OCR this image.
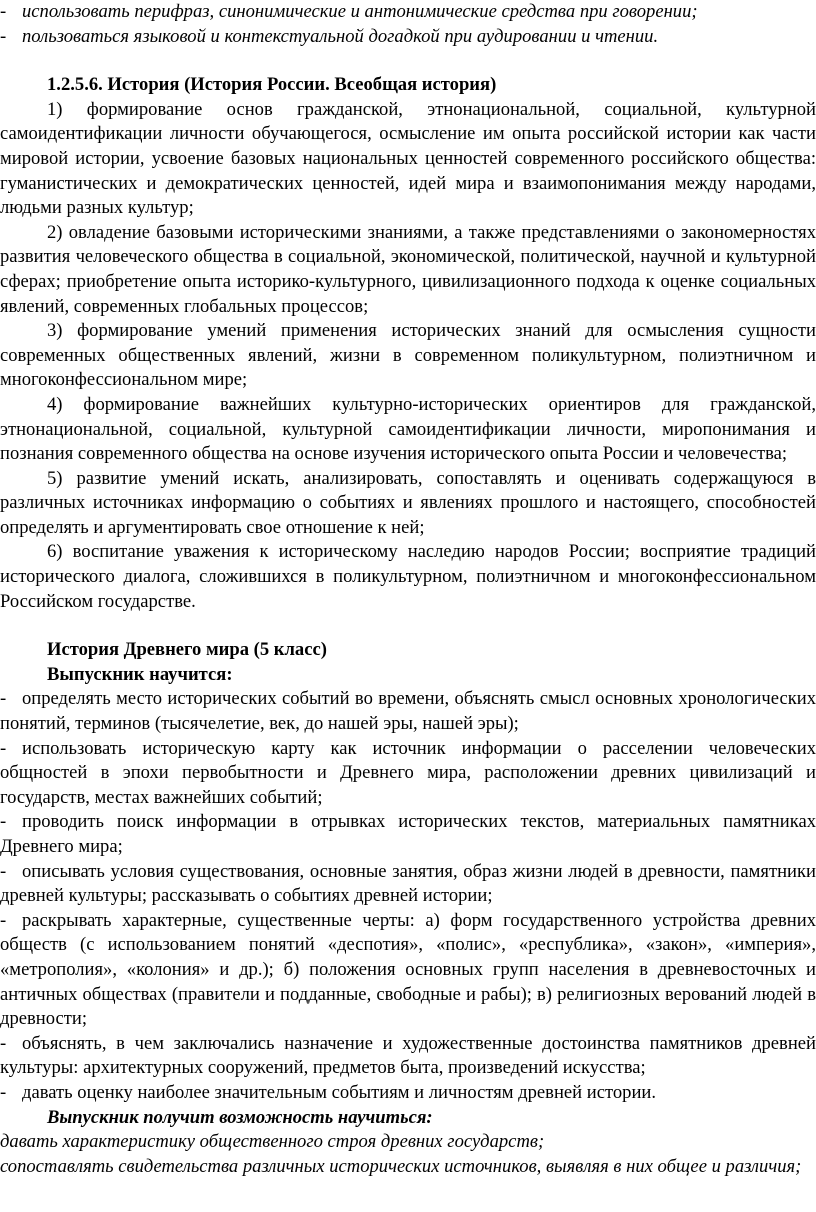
- использовать перифраз, синонимические и антонимические средства при говорении;

- пользоваться языковой и контекстуальной догадкой при аудировании и чтении.

1.2.5.6. История (История России. Всеобщая история)

1) формирование основ гражданской, этнонациональной, социальной, культурной самоидентификации личности обучающегося, осмысление им опыта российской истории как части мировой истории, усвоение базовых национальных ценностей современного российского общества: гуманистических и демократических ценностей, идей мира и взаимопонимания между народами, людьми разных культур;

2) овладение базовыми историческими знаниями, а также представлениями о закономерностях развития человеческого общества в социальной, экономической, политической, научной и культурной сферах; приобретение опыта историко-культурного, цивилизационного подхода к оценке социальных явлений, современных глобальных процессов;

3) формирование умений применения исторических знаний для осмысления сущности современных общественных явлений, жизни в современном поликультурном, полиэтничном и многоконфессиональном мире;

4) формирование важнейших культурно-исторических ориентиров для гражданской, этнонациональной, социальной, культурной самоидентификации личности, миропонимания и познания современного общества на основе изучения исторического опыта России и человечества;

5) развитие умений искать, анализировать, сопоставлять и оценивать содержащуюся в различных источниках информацию о событиях и явлениях прошлого и настоящего, способностей определять и аргументировать свое отношение к ней;

6) воспитание уважения к историческому наследию народов России; восприятие традиций исторического диалога, сложившихся в поликультурном, полиэтничном и многоконфессиональном Российском государстве.

История Древнего мира (5 класс)

Выпускник научится:

- определять место исторических событий во времени, объяснять смысл основных хронологических понятий, терминов (тысячелетие, век, до нашей эры, нашей эры);

- использовать историческую карту как источник информации о расселении человеческих общностей в эпохи первобытности и Древнего мира, расположении древних цивилизаций и государств, местах важнейших событий;

- проводить поиск информации в отрывках исторических текстов, материальных памятниках Древнего мира;

- описывать условия существования, основные занятия, образ жизни людей в древности, памятники древней культуры; рассказывать о событиях древней истории;

- раскрывать характерные, существенные черты: а) форм государственного устройства древних обществ (с использованием понятий «деспотия», «полис», «республика», «закон», «империя», «метрополия», «колония» и др.); б) положения основных групп населения в древневосточных и античных обществах (правители и подданные, свободные и рабы); в) религиозных верований людей в древности;

- объяснять, в чем заключались назначение и художественные достоинства памятников древней культуры: архитектурных сооружений, предметов быта, произведений искусства;

- давать оценку наиболее значительным событиям и личностям древней истории.

Выпускник получит возможность научиться:

давать характеристику общественного строя древних государств;

сопоставлять свидетельства различных исторических источников, выявляя в них общее и различия;
